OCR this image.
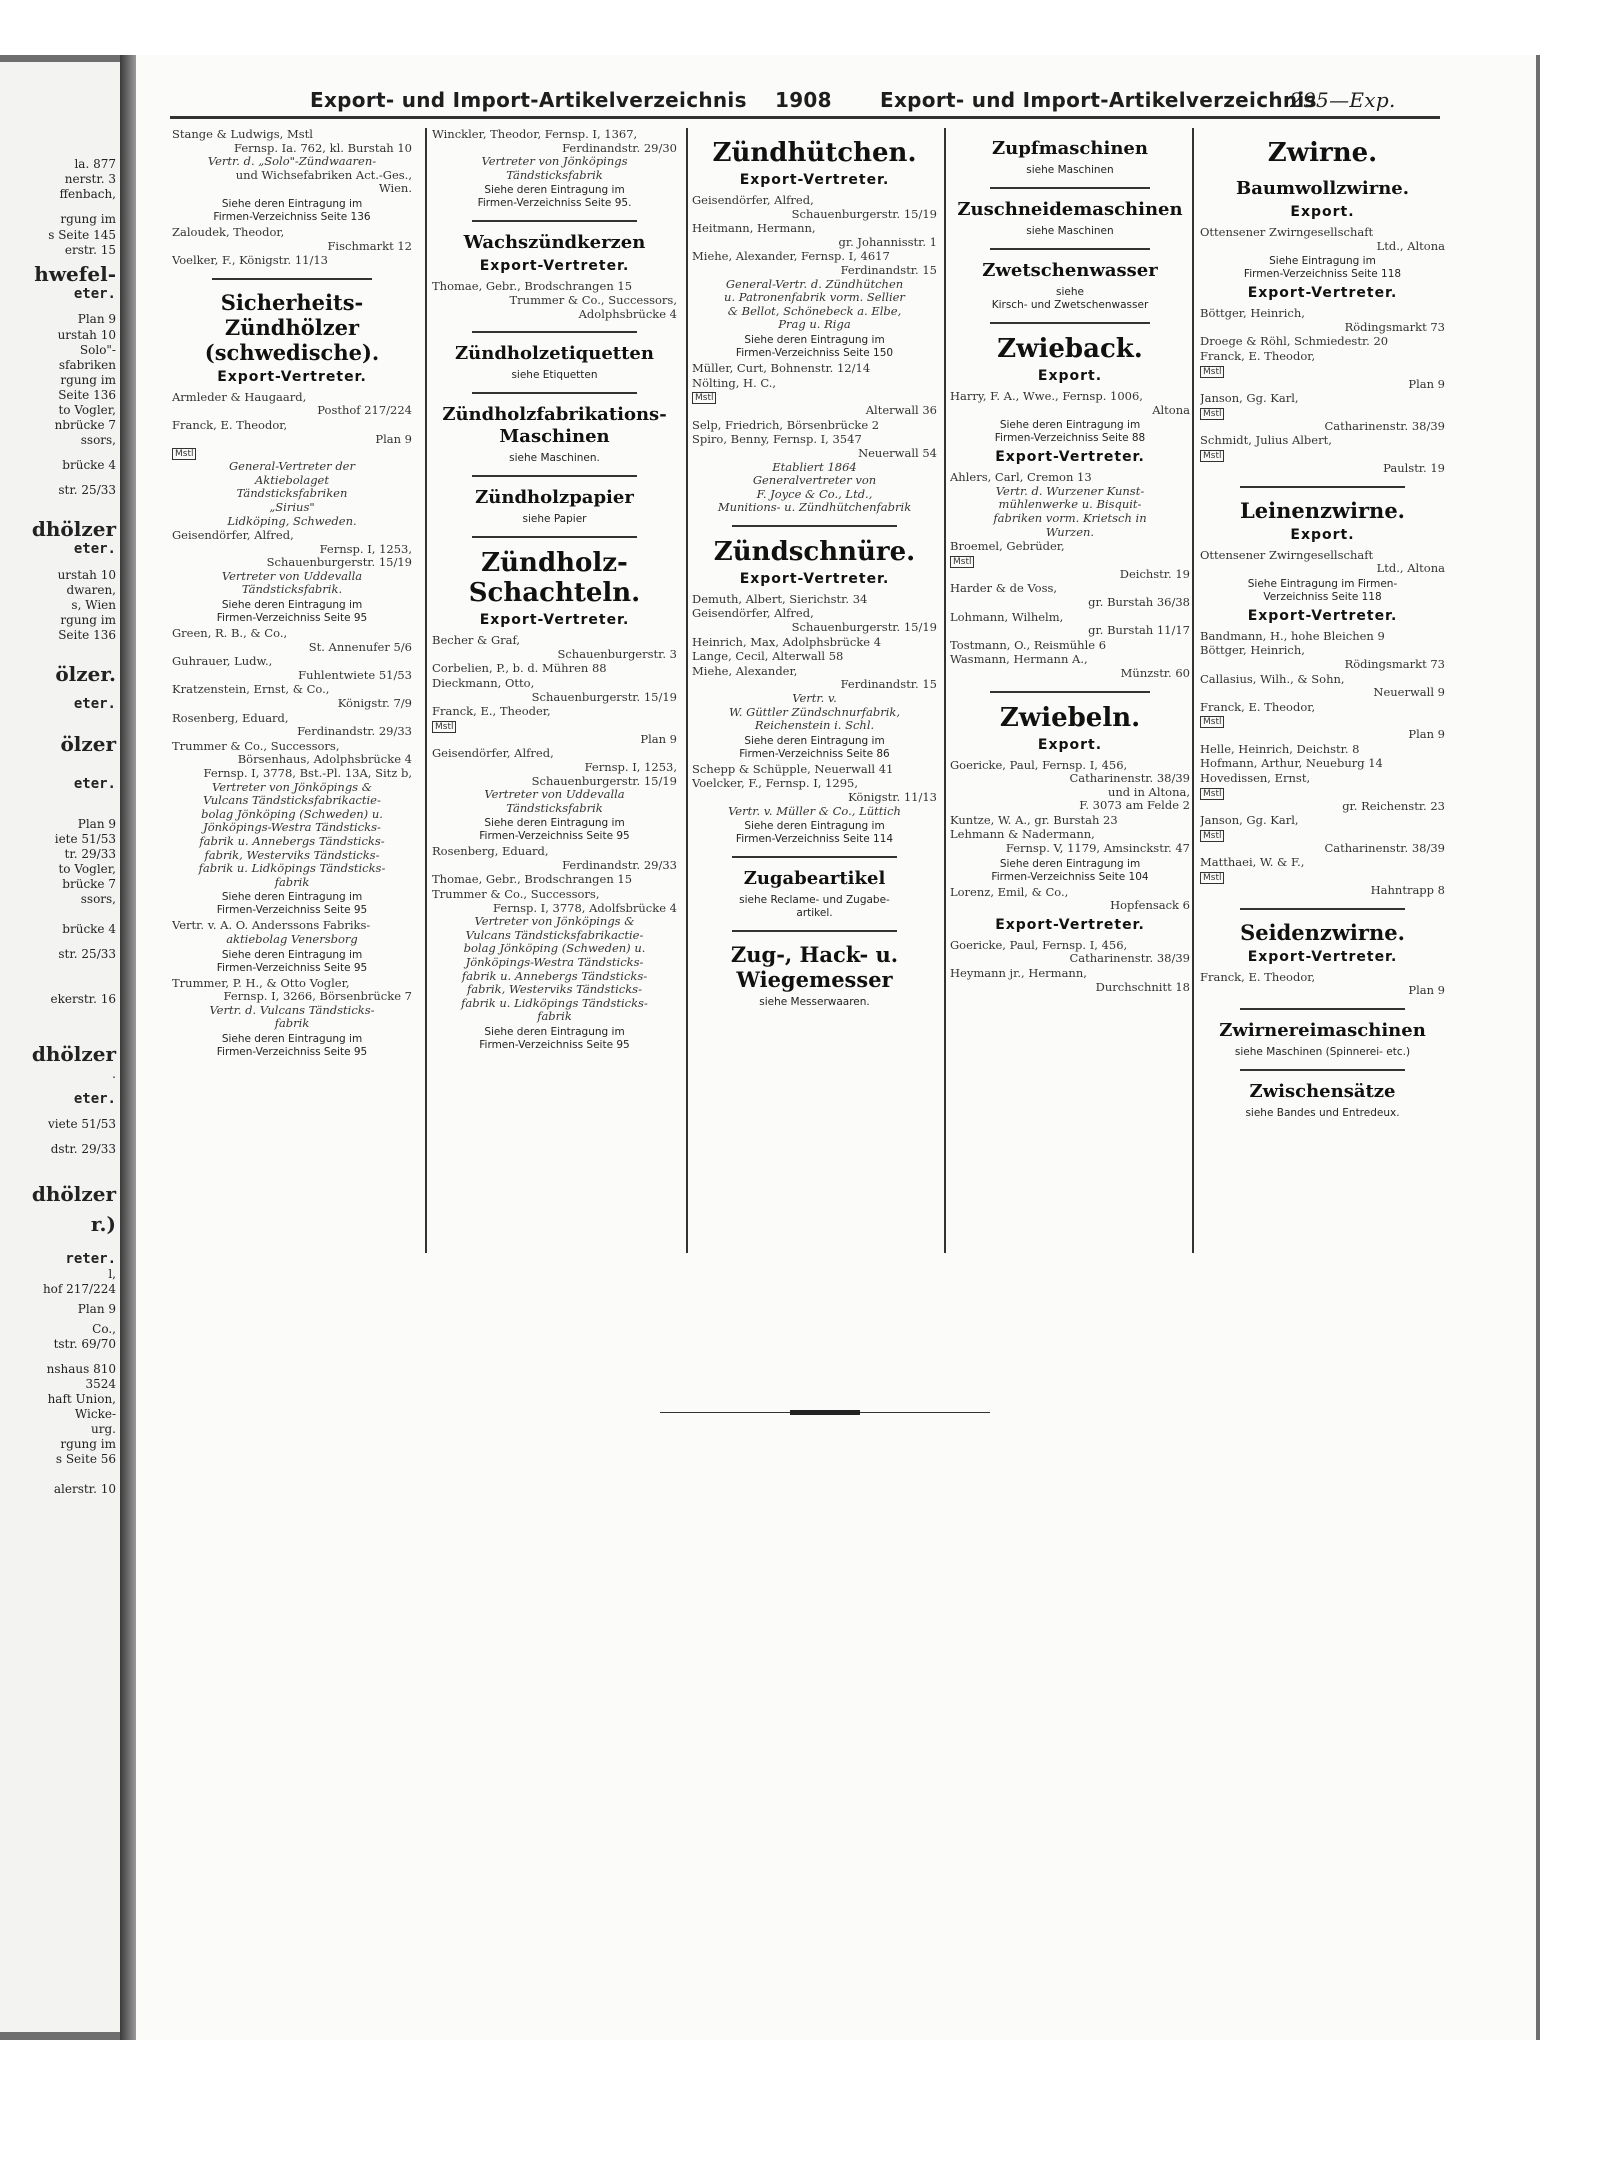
la. 877
nerstr. 3
ffenbach,
rgung im
s Seite 145
erstr. 15
hwefel-
eter.
Plan 9
urstah 10
Solo"-
sfabriken
rgung im
Seite 136
to Vogler,
nbrücke 7
ssors,
brücke 4
str. 25/33
dhölzer
eter.
urstah 10
dwaren,
s, Wien
rgung im
Seite 136
ölzer.
eter.
ölzer
eter.
Plan 9
iete 51/53
tr. 29/33
to Vogler,
brücke 7
ssors,
brücke 4
str. 25/33
ekerstr. 16
dhölzer
.
eter.
viete 51/53
dstr. 29/33
dhölzer
r.)
reter.
l,
hof 217/224
Plan 9
Co.,
tstr. 69/70
nshaus 810
3524
haft Union,
Wicke-
urg.
rgung im
s Seite 56
alerstr. 10
Export- und Import-Artikelverzeichnis 1908 Export- und Import-Artikelverzeichnis
295—Exp.
Stange & Ludwigs, Mstl
Fernsp. Ia. 762, kl. Burstah 10
Vertr. d. „Solo"-Zündwaaren-
und Wichsefabriken Act.-Ges.,
Wien.
Siehe deren Eintragung im
Firmen-Verzeichniss Seite 136
Zaloudek, Theodor,
Fischmarkt 12
Voelker, F., Königstr. 11/13
Sicherheits-Zündhölzer (schwedische).
Export-Vertreter.
Armleder & Haugaard,
Posthof 217/224
Franck, E. Theodor,
Plan 9
Mstl
General-Vertreter der
Aktiebolaget
Tändsticksfabriken
„Sirius"
Lidköping, Schweden.
Geisendörfer, Alfred,
Fernsp. I, 1253,
Schauenburgerstr. 15/19
Vertreter von Uddevalla
Tändsticksfabrik.
Siehe deren Eintragung im
Firmen-Verzeichniss Seite 95
Green, R. B., & Co.,
St. Annenufer 5/6
Guhrauer, Ludw.,
Fuhlentwiete 51/53
Kratzenstein, Ernst, & Co.,
Königstr. 7/9
Rosenberg, Eduard,
Ferdinandstr. 29/33
Trummer & Co., Successors,
Börsenhaus, Adolphsbrücke 4
Fernsp. I, 3778, Bst.-Pl. 13A, Sitz b,
Vertreter von Jönköpings &
Vulcans Tändsticksfabrikactie-
bolag Jönköping (Schweden) u.
Jönköpings-Westra Tändsticks-
fabrik u. Annebergs Tändsticks-
fabrik, Westerviks Tändsticks-
fabrik u. Lidköpings Tändsticks-
fabrik
Siehe deren Eintragung im
Firmen-Verzeichniss Seite 95
Vertr. v. A. O. Anderssons Fabriks-
aktiebolag Venersborg
Siehe deren Eintragung im
Firmen-Verzeichniss Seite 95
Trummer, P. H., & Otto Vogler,
Fernsp. I, 3266, Börsenbrücke 7
Vertr. d. Vulcans Tändsticks-
fabrik
Siehe deren Eintragung im
Firmen-Verzeichniss Seite 95
Winckler, Theodor, Fernsp. I, 1367,
Ferdinandstr. 29/30
Vertreter von Jönköpings
Tändsticksfabrik
Siehe deren Eintragung im
Firmen-Verzeichniss Seite 95.
Wachszündkerzen
Export-Vertreter.
Thomae, Gebr., Brodschrangen 15
Trummer & Co., Successors,
Adolphsbrücke 4
Zündholzetiquetten
siehe Etiquetten
Zündholzfabrikations-Maschinen
siehe Maschinen.
Zündholzpapier
siehe Papier
Zündholz-Schachteln.
Export-Vertreter.
Becher & Graf,
Schauenburgerstr. 3
Corbelien, P., b. d. Mühren 88
Dieckmann, Otto,
Schauenburgerstr. 15/19
Franck, E., Theoder,
Mstl
Plan 9
Geisendörfer, Alfred,
Fernsp. I, 1253,
Schauenburgerstr. 15/19
Vertreter von Uddevalla
Tändsticksfabrik
Siehe deren Eintragung im
Firmen-Verzeichniss Seite 95
Rosenberg, Eduard,
Ferdinandstr. 29/33
Thomae, Gebr., Brodschrangen 15
Trummer & Co., Successors,
Fernsp. I, 3778, Adolfsbrücke 4
Vertreter von Jönköpings &
Vulcans Tändsticksfabrikactie-
bolag Jönköping (Schweden) u.
Jönköpings-Westra Tändsticks-
fabrik u. Annebergs Tändsticks-
fabrik, Westerviks Tändsticks-
fabrik u. Lidköpings Tändsticks-
fabrik
Siehe deren Eintragung im
Firmen-Verzeichniss Seite 95
Zündhütchen.
Export-Vertreter.
Geisendörfer, Alfred,
Schauenburgerstr. 15/19
Heitmann, Hermann,
gr. Johannisstr. 1
Miehe, Alexander, Fernsp. I, 4617
Ferdinandstr. 15
General-Vertr. d. Zündhütchen
u. Patronenfabrik vorm. Sellier
& Bellot, Schönebeck a. Elbe,
Prag u. Riga
Siehe deren Eintragung im
Firmen-Verzeichniss Seite 150
Müller, Curt, Bohnenstr. 12/14
Nölting, H. C.,
Mstl
Alterwall 36
Selp, Friedrich, Börsenbrücke 2
Spiro, Benny, Fernsp. I, 3547
Neuerwall 54
Etabliert 1864
Generalvertreter von
F. Joyce & Co., Ltd.,
Munitions- u. Zündhütchenfabrik
Zündschnüre.
Export-Vertreter.
Demuth, Albert, Sierichstr. 34
Geisendörfer, Alfred,
Schauenburgerstr. 15/19
Heinrich, Max, Adolphsbrücke 4
Lange, Cecil, Alterwall 58
Miehe, Alexander,
Ferdinandstr. 15
Vertr. v.
W. Güttler Zündschnurfabrik,
Reichenstein i. Schl.
Siehe deren Eintragung im
Firmen-Verzeichniss Seite 86
Schepp & Schüpple, Neuerwall 41
Voelcker, F., Fernsp. I, 1295,
Königstr. 11/13
Vertr. v. Müller & Co., Lüttich
Siehe deren Eintragung im
Firmen-Verzeichniss Seite 114
Zugabeartikel
siehe Reclame- und Zugabe-
artikel.
Zug-, Hack- u. Wiegemesser
siehe Messerwaaren.
Zupfmaschinen
siehe Maschinen
Zuschneidemaschinen
siehe Maschinen
Zwetschenwasser
siehe
Kirsch- und Zwetschenwasser
Zwieback.
Export.
Harry, F. A., Wwe., Fernsp. 1006,
Altona
Siehe deren Eintragung im
Firmen-Verzeichniss Seite 88
Export-Vertreter.
Ahlers, Carl, Cremon 13
Vertr. d. Wurzener Kunst-
mühlenwerke u. Bisquit-
fabriken vorm. Krietsch in
Wurzen.
Broemel, Gebrüder,
Mstl
Deichstr. 19
Harder & de Voss,
gr. Burstah 36/38
Lohmann, Wilhelm,
gr. Burstah 11/17
Tostmann, O., Reismühle 6
Wasmann, Hermann A.,
Münzstr. 60
Zwiebeln.
Export.
Goericke, Paul, Fernsp. I, 456,
Catharinenstr. 38/39
und in Altona,
F. 3073 am Felde 2
Kuntze, W. A., gr. Burstah 23
Lehmann & Nadermann,
Fernsp. V, 1179, Amsinckstr. 47
Siehe deren Eintragung im
Firmen-Verzeichniss Seite 104
Lorenz, Emil, & Co.,
Hopfensack 6
Export-Vertreter.
Goericke, Paul, Fernsp. I, 456,
Catharinenstr. 38/39
Heymann jr., Hermann,
Durchschnitt 18
Zwirne.
Baumwollzwirne.
Export.
Ottensener Zwirngesellschaft
Ltd., Altona
Siehe Eintragung im
Firmen-Verzeichniss Seite 118
Export-Vertreter.
Böttger, Heinrich,
Rödingsmarkt 73
Droege & Röhl, Schmiedestr. 20
Franck, E. Theodor,
Mstl
Plan 9
Janson, Gg. Karl,
Mstl
Catharinenstr. 38/39
Schmidt, Julius Albert,
Mstl
Paulstr. 19
Leinenzwirne.
Export.
Ottensener Zwirngesellschaft
Ltd., Altona
Siehe Eintragung im Firmen-
Verzeichniss Seite 118
Export-Vertreter.
Bandmann, H., hohe Bleichen 9
Böttger, Heinrich,
Rödingsmarkt 73
Callasius, Wilh., & Sohn,
Neuerwall 9
Franck, E. Theodor,
Mstl
Plan 9
Helle, Heinrich, Deichstr. 8
Hofmann, Arthur, Neueburg 14
Hovedissen, Ernst,
Mstl
gr. Reichenstr. 23
Janson, Gg. Karl,
Mstl
Catharinenstr. 38/39
Matthaei, W. & F.,
Mstl
Hahntrapp 8
Seidenzwirne.
Export-Vertreter.
Franck, E. Theodor,
Plan 9
Zwirnereimaschinen
siehe Maschinen (Spinnerei- etc.)
Zwischensätze
siehe Bandes und Entredeux.
